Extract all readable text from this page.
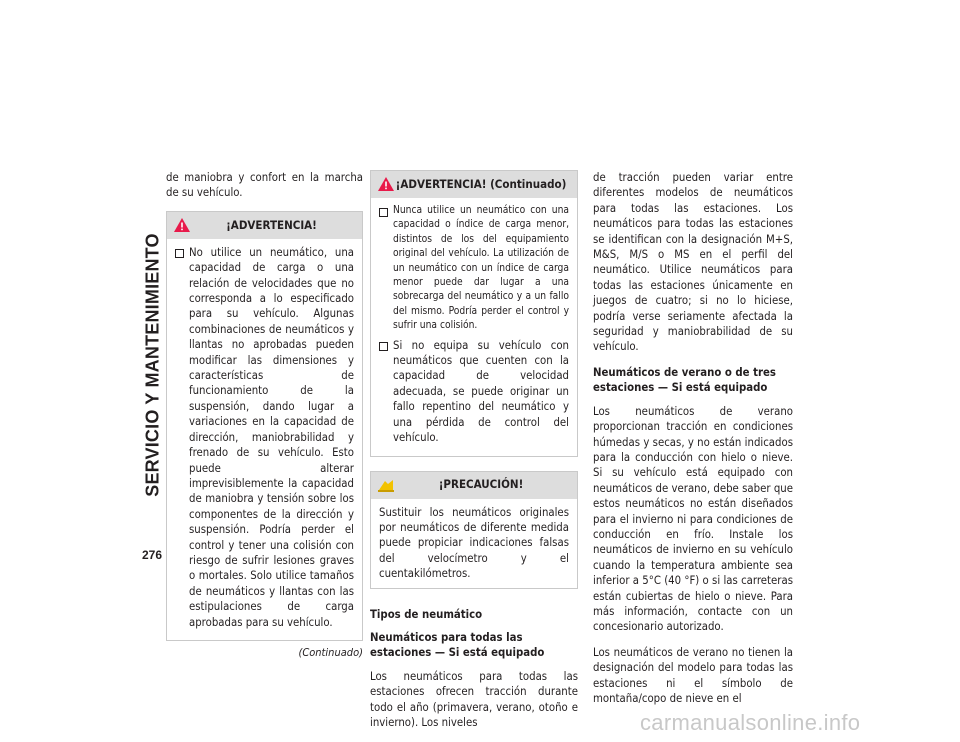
SERVICIO Y MANTENIMIENTO
276

de maniobra y confort en la marcha de su vehículo.

¡ADVERTENCIA!
No utilice un neumático, una capacidad de carga o una relación de velocidades que no corresponda a lo especificado para su vehículo. Algunas combinaciones de neumáticos y llantas no aprobadas pueden modificar las dimensiones y características de funcionamiento de la suspensión, dando lugar a variaciones en la capacidad de dirección, maniobrabilidad y frenado de su vehículo. Esto puede alterar imprevisiblemente la capacidad de maniobra y tensión sobre los componentes de la dirección y suspensión. Podría perder el control y tener una colisión con riesgo de sufrir lesiones graves o mortales. Solo utilice tamaños de neumáticos y llantas con las estipulaciones de carga aprobadas para su vehículo.
(Continuado)
¡ADVERTENCIA! (Continuado)
Nunca utilice un neumático con una capacidad o índice de carga menor, distintos de los del equipamiento original del vehículo. La utilización de un neumático con un índice de carga menor puede dar lugar a una sobrecarga del neumático y a un fallo del mismo. Podría perder el control y sufrir una colisión.
Si no equipa su vehículo con neumáticos que cuenten con la capacidad de velocidad adecuada, se puede originar un fallo repentino del neumático y una pérdida de control del vehículo.
¡PRECAUCIÓN!

Sustituir los neumáticos originales por neumáticos de diferente medida puede propiciar indicaciones falsas del velocímetro y el cuentakilómetros.

Tipos de neumático
Neumáticos para todas las estaciones — Si está equipado

Los neumáticos para todas las estaciones ofrecen tracción durante todo el año (primavera, verano, otoño e invierno). Los niveles

de tracción pueden variar entre diferentes modelos de neumáticos para todas las estaciones. Los neumáticos para todas las estaciones se identifican con la designación M+S, M&S, M/S o MS en el perfil del neumático. Utilice neumáticos para todas las estaciones únicamente en juegos de cuatro; si no lo hiciese, podría verse seriamente afectada la seguridad y maniobrabilidad de su vehículo.

Neumáticos de verano o de tres estaciones — Si está equipado

Los neumáticos de verano proporcionan tracción en condiciones húmedas y secas, y no están indicados para la conducción con hielo o nieve. Si su vehículo está equipado con neumáticos de verano, debe saber que estos neumáticos no están diseñados para el invierno ni para condiciones de conducción en frío. Instale los neumáticos de invierno en su vehículo cuando la temperatura ambiente sea inferior a 5°C (40 °F) o si las carreteras están cubiertas de hielo o nieve. Para más información, contacte con un concesionario autorizado.

Los neumáticos de verano no tienen la designación del modelo para todas las estaciones ni el símbolo de montaña/copo de nieve en el

carmanualsonline.info
